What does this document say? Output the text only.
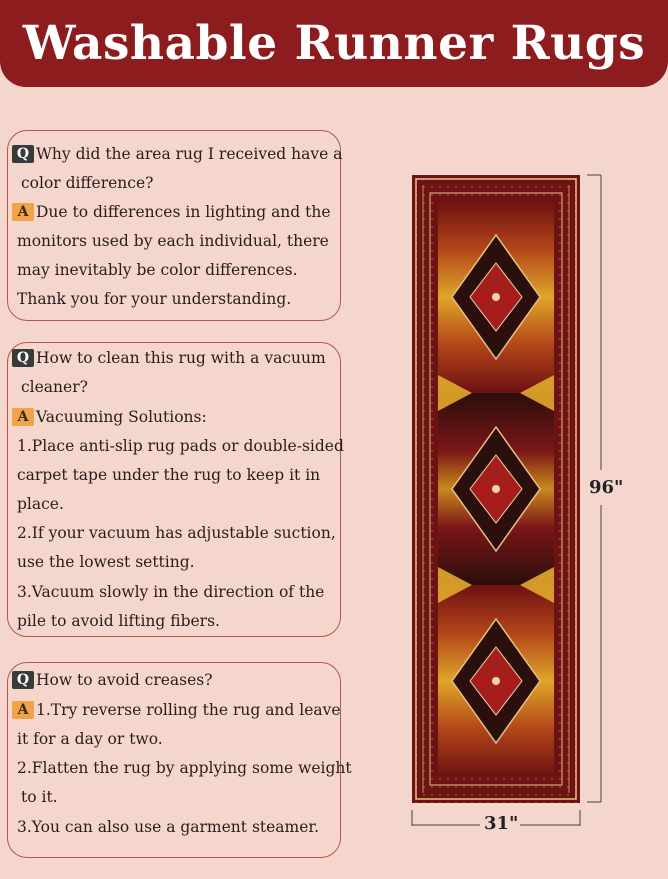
Washable Runner Rugs
Q Why did the area rug I received have a
color difference?
A Due to differences in lighting and the
monitors used by each individual, there
may inevitably be color differences.
Thank you for your understanding.
Q How to clean this rug with a vacuum
cleaner?
A Vacuuming Solutions:
1.Place anti-slip rug pads or double-sided
carpet tape under the rug to keep it in
place.
2.If your vacuum has adjustable suction,
use the lowest setting.
3.Vacuum slowly in the direction of the
pile to avoid lifting fibers.
Q How to avoid creases?
A 1.Try reverse rolling the rug and leave
it for a day or two.
2.Flatten the rug by applying some weight
to it.
3.You can also use a garment steamer.
96"
31"
